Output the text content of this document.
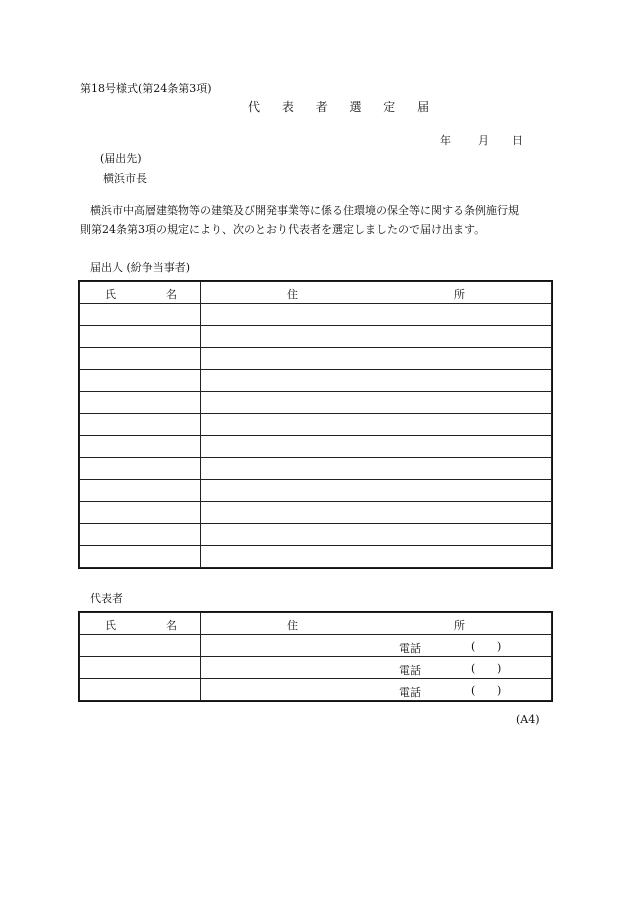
第18号様式(第24条第3項)
代 表 者 選 定 届
年 月 日
(届出先)
横浜市長
横浜市中高層建築物等の建築及び開発事業等に係る住環境の保全等に関する条例施行規
則第24条第3項の規定により、次のとおり代表者を選定しましたので届け出ます。
届出人 (紛争当事者)
氏 名	住 所

代表者
氏 名	住 所

	電話 ( )

	電話 ( )

	電話 ( )
(A4)
